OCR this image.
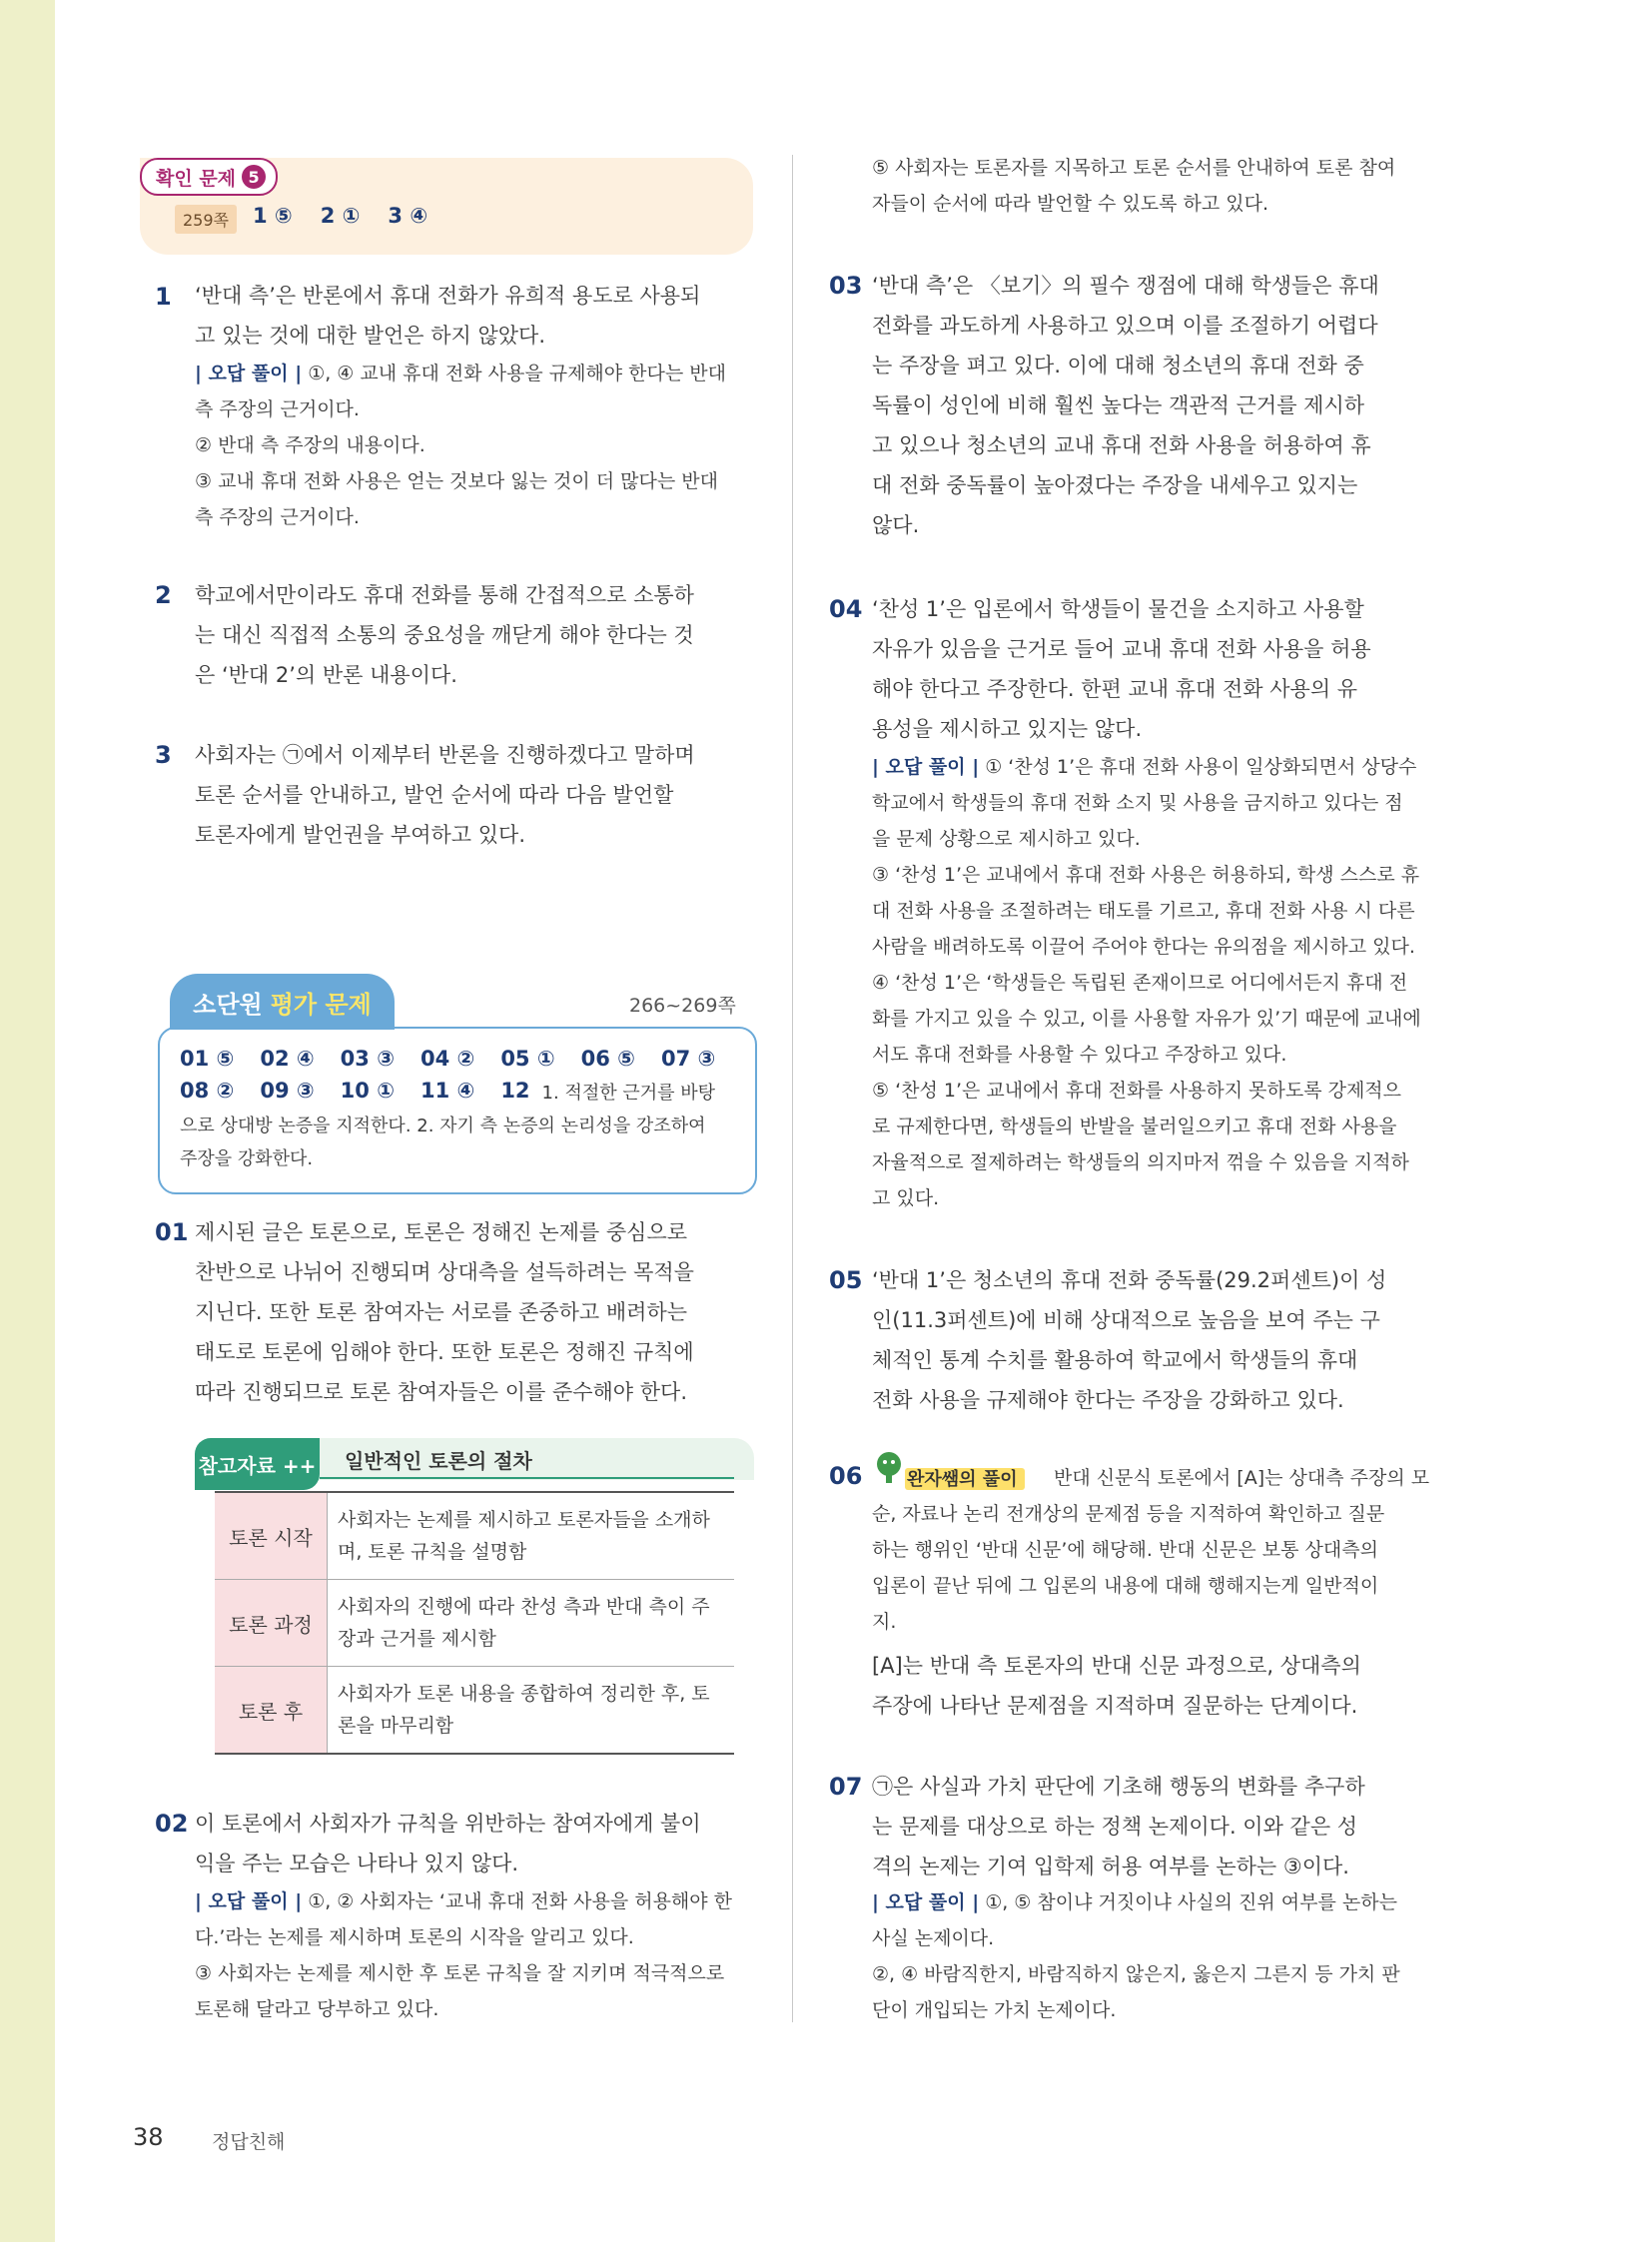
확인 문제 5
259쪽	1 ⑤ 2 ① 3 ④
1 ‘반대 측’은 반론에서 휴대 전화가 유희적 용도로 사용되
고 있는 것에 대한 발언은 하지 않았다.
| 오답 풀이 | ①, ④ 교내 휴대 전화 사용을 규제해야 한다는 반대
측 주장의 근거이다.
② 반대 측 주장의 내용이다.
③ 교내 휴대 전화 사용은 얻는 것보다 잃는 것이 더 많다는 반대
측 주장의 근거이다.
2 학교에서만이라도 휴대 전화를 통해 간접적으로 소통하
는 대신 직접적 소통의 중요성을 깨닫게 해야 한다는 것
은 ‘반대 2’의 반론 내용이다.
3 사회자는 ㉠에서 이제부터 반론을 진행하겠다고 말하며
토론 순서를 안내하고, 발언 순서에 따라 다음 발언할
토론자에게 발언권을 부여하고 있다.
소단원 평가 문제	266~269쪽
01 ⑤ 02 ④ 03 ③ 04 ② 05 ① 06 ⑤ 07 ③
08 ② 09 ③ 10 ① 11 ④ 12 1. 적절한 근거를 바탕
으로 상대방 논증을 지적한다. 2. 자기 측 논증의 논리성을 강조하여
주장을 강화한다.
01 제시된 글은 토론으로, 토론은 정해진 논제를 중심으로
찬반으로 나뉘어 진행되며 상대측을 설득하려는 목적을
지닌다. 또한 토론 참여자는 서로를 존중하고 배려하는
태도로 토론에 임해야 한다. 또한 토론은 정해진 규칙에
따라 진행되므로 토론 참여자들은 이를 준수해야 한다.
참고자료 ++ 일반적인 토론의 절차
토론 시작	사회자는 논제를 제시하고 토론자들을 소개하
며, 토론 규칙을 설명함

토론 과정	사회자의 진행에 따라 찬성 측과 반대 측이 주
장과 근거를 제시함

토론 후	사회자가 토론 내용을 종합하여 정리한 후, 토
론을 마무리함
02 이 토론에서 사회자가 규칙을 위반하는 참여자에게 불이
익을 주는 모습은 나타나 있지 않다.
| 오답 풀이 | ①, ② 사회자는 ‘교내 휴대 전화 사용을 허용해야 한
다.’라는 논제를 제시하며 토론의 시작을 알리고 있다.
③ 사회자는 논제를 제시한 후 토론 규칙을 잘 지키며 적극적으로
토론해 달라고 당부하고 있다.
⑤ 사회자는 토론자를 지목하고 토론 순서를 안내하여 토론 참여
자들이 순서에 따라 발언할 수 있도록 하고 있다.
03 ‘반대 측’은 〈보기〉의 필수 쟁점에 대해 학생들은 휴대
전화를 과도하게 사용하고 있으며 이를 조절하기 어렵다
는 주장을 펴고 있다. 이에 대해 청소년의 휴대 전화 중
독률이 성인에 비해 훨씬 높다는 객관적 근거를 제시하
고 있으나 청소년의 교내 휴대 전화 사용을 허용하여 휴
대 전화 중독률이 높아졌다는 주장을 내세우고 있지는
않다.
04 ‘찬성 1’은 입론에서 학생들이 물건을 소지하고 사용할
자유가 있음을 근거로 들어 교내 휴대 전화 사용을 허용
해야 한다고 주장한다. 한편 교내 휴대 전화 사용의 유
용성을 제시하고 있지는 않다.
| 오답 풀이 | ① ‘찬성 1’은 휴대 전화 사용이 일상화되면서 상당수
학교에서 학생들의 휴대 전화 소지 및 사용을 금지하고 있다는 점
을 문제 상황으로 제시하고 있다.
③ ‘찬성 1’은 교내에서 휴대 전화 사용은 허용하되, 학생 스스로 휴
대 전화 사용을 조절하려는 태도를 기르고, 휴대 전화 사용 시 다른
사람을 배려하도록 이끌어 주어야 한다는 유의점을 제시하고 있다.
④ ‘찬성 1’은 ‘학생들은 독립된 존재이므로 어디에서든지 휴대 전
화를 가지고 있을 수 있고, 이를 사용할 자유가 있’기 때문에 교내에
서도 휴대 전화를 사용할 수 있다고 주장하고 있다.
⑤ ‘찬성 1’은 교내에서 휴대 전화를 사용하지 못하도록 강제적으
로 규제한다면, 학생들의 반발을 불러일으키고 휴대 전화 사용을
자율적으로 절제하려는 학생들의 의지마저 꺾을 수 있음을 지적하
고 있다.
05 ‘반대 1’은 청소년의 휴대 전화 중독률(29.2퍼센트)이 성
인(11.3퍼센트)에 비해 상대적으로 높음을 보여 주는 구
체적인 통계 수치를 활용하여 학교에서 학생들의 휴대
전화 사용을 규제해야 한다는 주장을 강화하고 있다.
06 완자쌤의 풀이 반대 신문식 토론에서 [A]는 상대측 주장의 모
순, 자료나 논리 전개상의 문제점 등을 지적하여 확인하고 질문
하는 행위인 ‘반대 신문’에 해당해. 반대 신문은 보통 상대측의
입론이 끝난 뒤에 그 입론의 내용에 대해 행해지는게 일반적이
지.
[A]는 반대 측 토론자의 반대 신문 과정으로, 상대측의
주장에 나타난 문제점을 지적하며 질문하는 단계이다.
07 ㉠은 사실과 가치 판단에 기초해 행동의 변화를 추구하
는 문제를 대상으로 하는 정책 논제이다. 이와 같은 성
격의 논제는 기여 입학제 허용 여부를 논하는 ③이다.
| 오답 풀이 | ①, ⑤ 참이냐 거짓이냐 사실의 진위 여부를 논하는
사실 논제이다.
②, ④ 바람직한지, 바람직하지 않은지, 옳은지 그른지 등 가치 판
단이 개입되는 가치 논제이다.
38	정답친해
